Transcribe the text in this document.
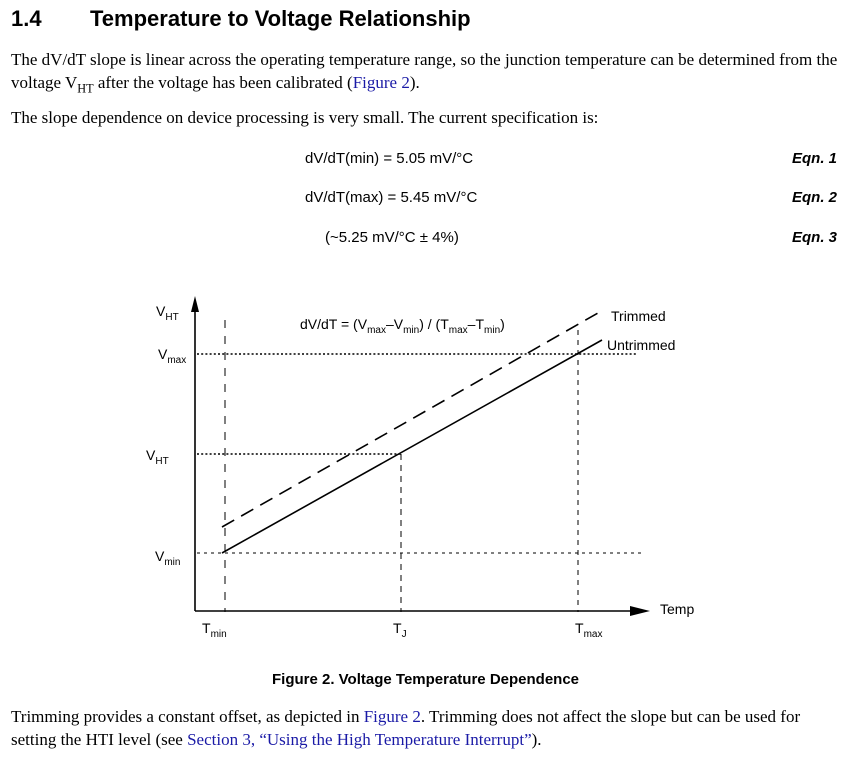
1.4 Temperature to Voltage Relationship
The dV/dT slope is linear across the operating temperature range, so the junction temperature can be determined from the voltage $V_{HT}$ after the voltage has been calibrated (Figure 2).
The slope dependence on device processing is very small. The current specification is:
dV/dT(min) = 5.05 mV/°C	Eqn. 1
dV/dT(max) = 5.45 mV/°C	Eqn. 2
(~5.25 mV/°C ± 4%)	Eqn. 3
$dV/dT = (V_{max}-V_{min}) / (T_{max}-T_{min})$
$V_{HT}$
$V_{max}$
$V_{HT}$
$V_{min}$
$T_{min}$	$T_J$	$T_{max}$
Temp
Trimmed
Untrimmed
Figure 2. Voltage Temperature Dependence
Trimming provides a constant offset, as depicted in Figure 2. Trimming does not affect the slope but can be used for setting the HTI level (see Section 3, “Using the High Temperature Interrupt”).
